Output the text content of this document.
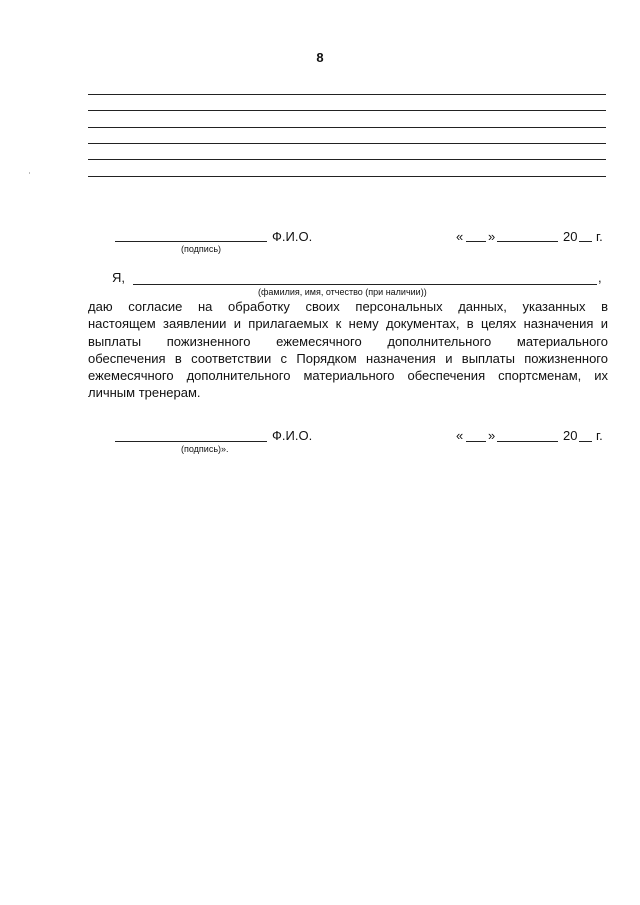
8
Ф.И.О.
(подпись)
« »	20 г.
Я,	,
(фамилия, имя, отчество (при наличии))
даю согласие на обработку своих персональных данных, указанных в
настоящем заявлении и прилагаемых к нему документах, в целях назначения и
выплаты пожизненного ежемесячного дополнительного материального
обеспечения в соответствии с Порядком назначения и выплаты пожизненного
ежемесячного дополнительного материального обеспечения спортсменам, их
личным тренерам.
Ф.И.О.
(подпись)».
« »	20 г.
